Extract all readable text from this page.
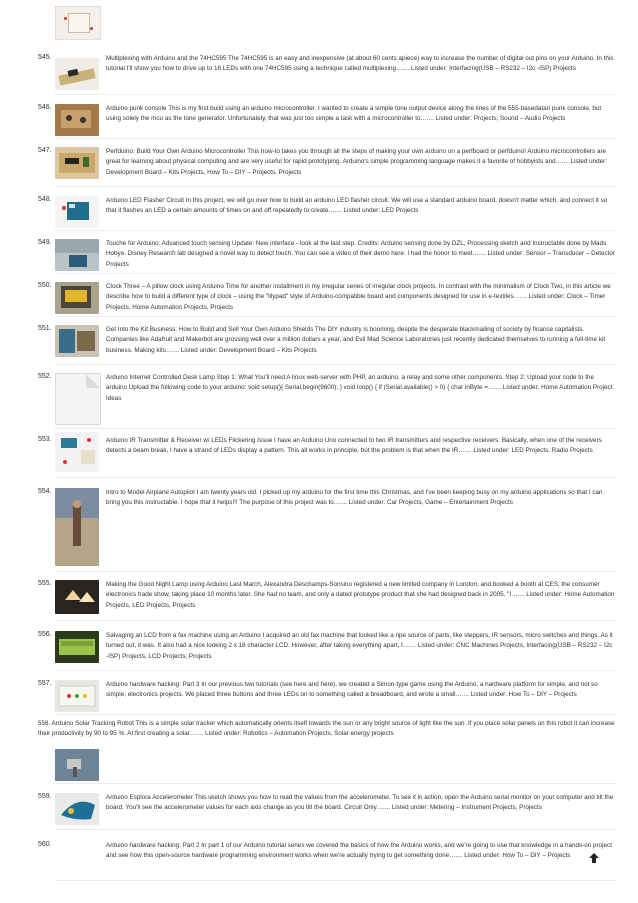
545.	Multiplexing with Arduino and the 74HC595 The 74HC595 is an easy and inexpensive (at about 60 cents apiece) way to increase the number of digital out pins on your Arduino. In this tutorial I'll show you how to drive up to 16 LEDs with one 74HC595 using a technique called multiplexing….... Listed under: Interfacing(USB – RS232 – I2c -ISP) Projects

546.	Arduino punk console This is my first build using an arduino microcontroller. I wanted to create a simple tone output device along the lines of the 555-basedatari punk console, but using solely the mcu as the tone generator. Unfortunately, that was just too simple a task with a microcontroller to….... Listed under: Projects, Sound – Audio Projects

547.	Perfduino: Build Your Own Arduino Microcontroller This how-to takes you through all the steps of making your own arduino on a perfboard or perfduino! Arduino microcontrollers are great for learning about physical computing and are very useful for rapid prototyping. Arduino's simple programming language makes it a favorite of hobbyists and….... Listed under: Development Board – Kits Projects, How To – DIY – Projects, Projects

548.	Arduino LED Flasher Circuit In this project, we will go over how to build an arduino LED flasher circuit. We will use a standard arduino board, doesn't matter which, and connect it so that it flashes an LED a certain amounts of times on and off repeatedly to create….... Listed under: LED Projects

549.	Touche for Arduino: Advanced touch sensing Update: New interface - look at the last step. Credits: Arduino sensing done by DZL, Processing sketch and Instructable done by Mads Hobye. Disney Research lab designed a novel way to detect touch. You can see a video of their demo here: I had the honor to meet….... Listed under: Sensor – Transducer – Detector Projects

550.	Clock Three – A pillow clock using Arduino Time for another installment in my irregular series of irregular clock projects. In contrast with the minimalism of Clock Two, in this article we describe how to build a different type of clock – using the "lilypad" style of Arduino-compatible board and components designed for use in e-textiles….... Listed under: Clock – Timer Projects, Home Automation Projects, Projects

551.	Get Into the Kit Business: How to Build and Sell Your Own Arduino Shields The DIY industry is booming, despite the desperate blackmailing of society by finance capitalists. Companies like Adafruit and Makerbot are grossing well over a million dollars a year, and Evil Mad Science Laboratories just recently dedicated themselves to running a full-time kit business. Making kits….... Listed under: Development Board – Kits Projects

552.	Arduino Internet Controlled Desk Lamp Step 1: What You'll need A linux web-server with PHP, an arduino, a relay and some other components. Step 2: Upload your code to the arduino Upload the following code to your arduino: void setup(){ Serial.begin(9600); } void loop() { if (Serial.available() > 0) { char inByte =….... Listed under: Home Automation Project Ideas

553.	Arduino IR Transmitter & Receiver w/ LEDs Flickering Issue I have an Arduino Uno connected to two IR transmitters and respective receivers. Basically, when one of the receivers detects a beam break, I have a strand of LEDs display a pattern. This all works in principle, but the problem is that when the IR….... Listed under: LED Projects, Radio Projects

554.	Intro to Model Airplane Autopilot I am twenty years old. I picked up my arduino for the first time this Christmas, and I've been keeping busy on my arduino applications so that I can bring you this instructable. I hope that it helps!!! The purpose of this project was to….... Listed under: Car Projects, Game – Entertainment Projects

555.	Making the Good Night Lamp using Arduino Last March, Alexandra Deschamps-Sonsino registered a new limited company in London, and booked a booth at CES, the consumer electronics trade show, taking place 10 months later. She had no team, and only a dated prototype product that she had designed back in 2005. "I….... Listed under: Home Automation Projects, LED Projects, Projects

556.	Salvaging an LCD from a fax machine using an Arduino I acquired an old fax machine that looked like a ripe source of parts, like steppers, IR sensors, micro switches and things. As it turned out, it was. It also had a nice looking 2 x 16 character LCD. However, after taking everything apart, I….... Listed under: CNC Machines Projects, Interfacing(USB – RS232 – I2c -ISP) Projects, LCD Projects, Projects

557.	Arduino hardware hacking: Part 3 In our previous two tutorials (see here and here), we created a Simon-type game using the Arduino, a hardware platform for simple, and not so simple, electronics projects. We placed three buttons and three LEDs on to something called a breadboard, and wrote a small….... Listed under: How To – DIY – Projects

558. Arduino Solar Tracking Robot This is a simple solar tracker which automatically orients itself towards the sun or any bright source of light like the sun .If you place solar panels on this robot it can increase their productivity by 90 to 95 %. At first creating a solar….... Listed under: Robotics – Automation Projects, Solar energy projects

559.	Arduino Esplora Accelerometer This sketch shows you how to read the values from the accelerometer. To see it in action, open the Arduino serial monitor on your computer and tilt the board. You'll see the accelerometer values for each axis change as you tilt the board. Circuit Only….... Listed under: Metering – Instrument Projects, Projects

560.	Arduino hardware hacking: Part 2 In part 1 of our Arduino tutorial series we covered the basics of how the Arduino works, and we're going to use that knowledge in a hands-on project and see how this open-source hardware programming environment works when we're actually trying to get something done….... Listed under: How To – DIY – Projects
